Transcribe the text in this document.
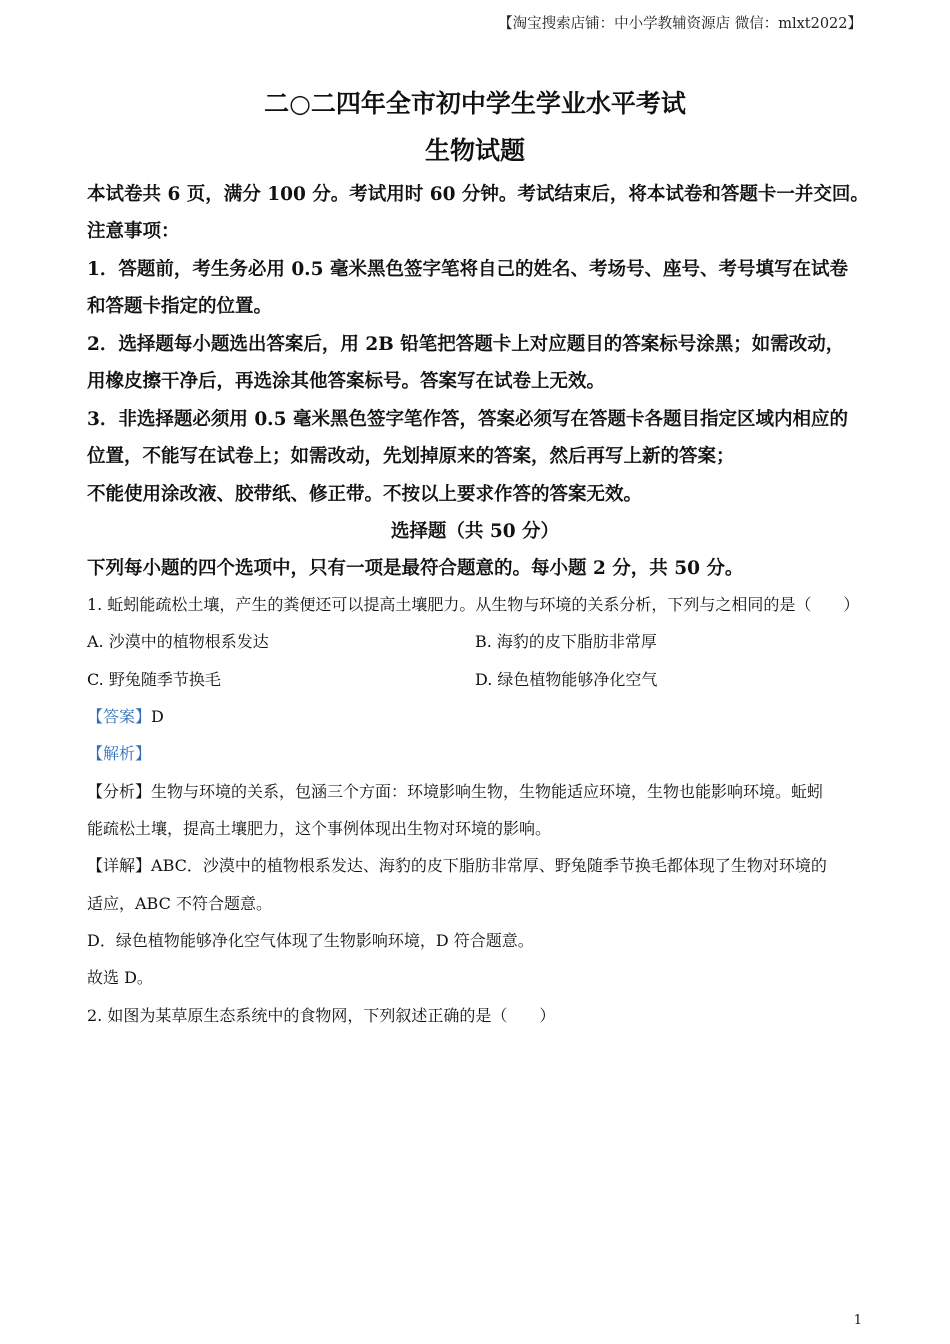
【淘宝搜索店铺：中小学教辅资源店 微信：mlxt2022】
二○二四年全市初中学生学业水平考试
生物试题
本试卷共 6 页，满分 100 分。考试用时 60 分钟。考试结束后，将本试卷和答题卡一并交回。
注意事项：
1．答题前，考生务必用 0.5 毫米黑色签字笔将自己的姓名、考场号、座号、考号填写在试卷
和答题卡指定的位置。
2．选择题每小题选出答案后，用 2B 铅笔把答题卡上对应题目的答案标号涂黑；如需改动，
用橡皮擦干净后，再选涂其他答案标号。答案写在试卷上无效。
3．非选择题必须用 0.5 毫米黑色签字笔作答，答案必须写在答题卡各题目指定区域内相应的
位置，不能写在试卷上；如需改动，先划掉原来的答案，然后再写上新的答案；
不能使用涂改液、胶带纸、修正带。不按以上要求作答的答案无效。
选择题（共 50 分）
下列每小题的四个选项中，只有一项是最符合题意的。每小题 2 分，共 50 分。
1. 蚯蚓能疏松土壤，产生的粪便还可以提高土壤肥力。从生物与环境的关系分析，下列与之相同的是（　　）
A. 沙漠中的植物根系发达	B. 海豹的皮下脂肪非常厚
C. 野兔随季节换毛	D. 绿色植物能够净化空气
【答案】D
【解析】
【分析】生物与环境的关系，包涵三个方面：环境影响生物，生物能适应环境，生物也能影响环境。蚯蚓
能疏松土壤，提高土壤肥力，这个事例体现出生物对环境的影响。
【详解】ABC．沙漠中的植物根系发达、海豹的皮下脂肪非常厚、野兔随季节换毛都体现了生物对环境的
适应，ABC 不符合题意。
D．绿色植物能够净化空气体现了生物影响环境，D 符合题意。
故选 D。
2. 如图为某草原生态系统中的食物网，下列叙述正确的是（　　）
1
